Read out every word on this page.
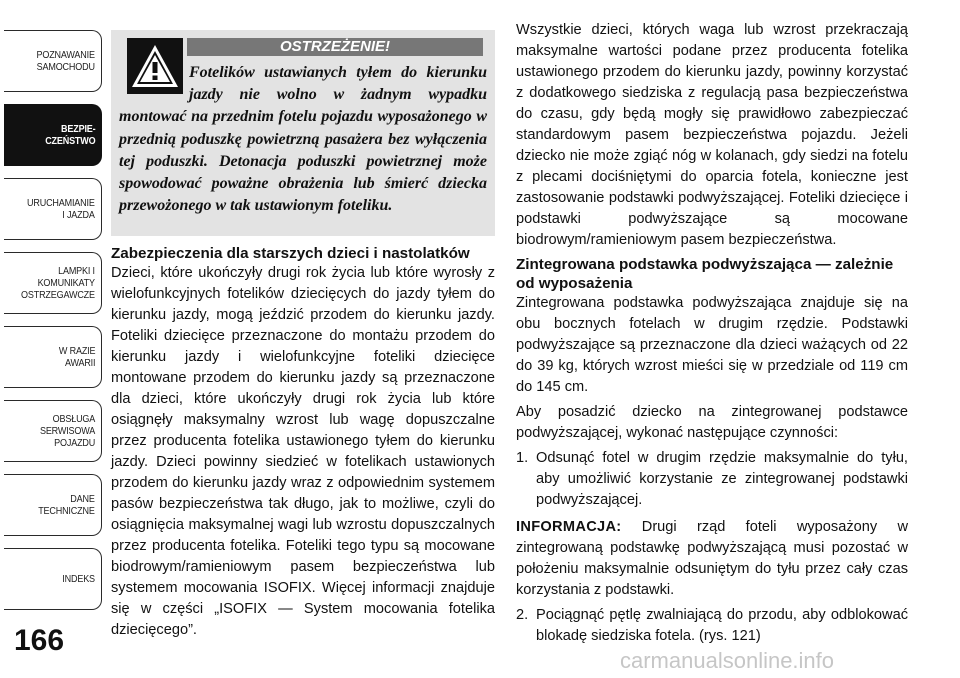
POZNAWANIE
SAMOCHODU
BEZPIE-
CZEŃSTWO
URUCHAMIANIE
I JAZDA
LAMPKI I
KOMUNIKATY
OSTRZEGAWCZE
W RAZIE
AWARII
OBSŁUGA
SERWISOWA
POJAZDU
DANE
TECHNICZNE
INDEKS
166
OSTRZEŻENIE!
Fotelików ustawianych tyłem do kierunku jazdy nie wolno w żadnym wypadku montować na przednim fotelu pojazdu wyposażonego w przednią poduszkę powietrzną pasażera bez wyłączenia tej poduszki. Detonacja poduszki powietrznej może spowodować poważne obrażenia lub śmierć dziecka przewożonego w tak ustawionym foteliku.
Zabezpieczenia dla starszych dzieci i nastolatków

Dzieci, które ukończyły drugi rok życia lub które wyrosły z wielofunkcyjnych fotelików dziecięcych do jazdy tyłem do kierunku jazdy, mogą jeździć przodem do kierunku jazdy. Foteliki dziecięce przeznaczone do montażu przodem do kierunku jazdy i wielofunkcyjne foteliki dziecięce montowane przodem do kierunku jazdy są przeznaczone dla dzieci, które ukończyły drugi rok życia lub które osiągnęły maksymalny wzrost lub wagę dopuszczalne przez producenta fotelika ustawionego tyłem do kierunku jazdy. Dzieci powinny siedzieć w fotelikach ustawionych przodem do kierunku jazdy wraz z odpowiednim systemem pasów bezpieczeństwa tak długo, jak to możliwe, czyli do osiągnięcia maksymalnej wagi lub wzrostu dopuszczalnych przez producenta fotelika. Foteliki tego typu są mocowane biodrowym/ramieniowym pasem bezpieczeństwa lub systemem mocowania ISOFIX. Więcej informacji znajduje się w części „ISOFIX — System mocowania fotelika dziecięcego”.

Wszystkie dzieci, których waga lub wzrost przekraczają maksymalne wartości podane przez producenta fotelika ustawionego przodem do kierunku jazdy, powinny korzystać z dodatkowego siedziska z regulacją pasa bezpieczeństwa do czasu, gdy będą mogły się prawidłowo zabezpieczać standardowym pasem bezpieczeństwa pojazdu. Jeżeli dziecko nie może zgiąć nóg w kolanach, gdy siedzi na fotelu z plecami dociśniętymi do oparcia fotela, konieczne jest zastosowanie podstawki podwyższającej. Foteliki dziecięce i podstawki podwyższające są mocowane biodrowym/ramieniowym pasem bezpieczeństwa.

Zintegrowana podstawka podwyższająca — zależnie od wyposażenia

Zintegrowana podstawka podwyższająca znajduje się na obu bocznych fotelach w drugim rzędzie. Podstawki podwyższające są przeznaczone dla dzieci ważących od 22 do 39 kg, których wzrost mieści się w przedziale od 119 cm do 145 cm.

Aby posadzić dziecko na zintegrowanej podstawce podwyższającej, wykonać następujące czynności:

1. Odsunąć fotel w drugim rzędzie maksymalnie do tyłu, aby umożliwić korzystanie ze zintegrowanej podstawki podwyższającej.

INFORMACJA: Drugi rząd foteli wyposażony w zintegrowaną podstawkę podwyższającą musi pozostać w położeniu maksymalnie odsuniętym do tyłu przez cały czas korzystania z podstawki.

2. Pociągnąć pętlę zwalniającą do przodu, aby odblokować blokadę siedziska fotela. (rys. 121)
carmanualsonline.info
